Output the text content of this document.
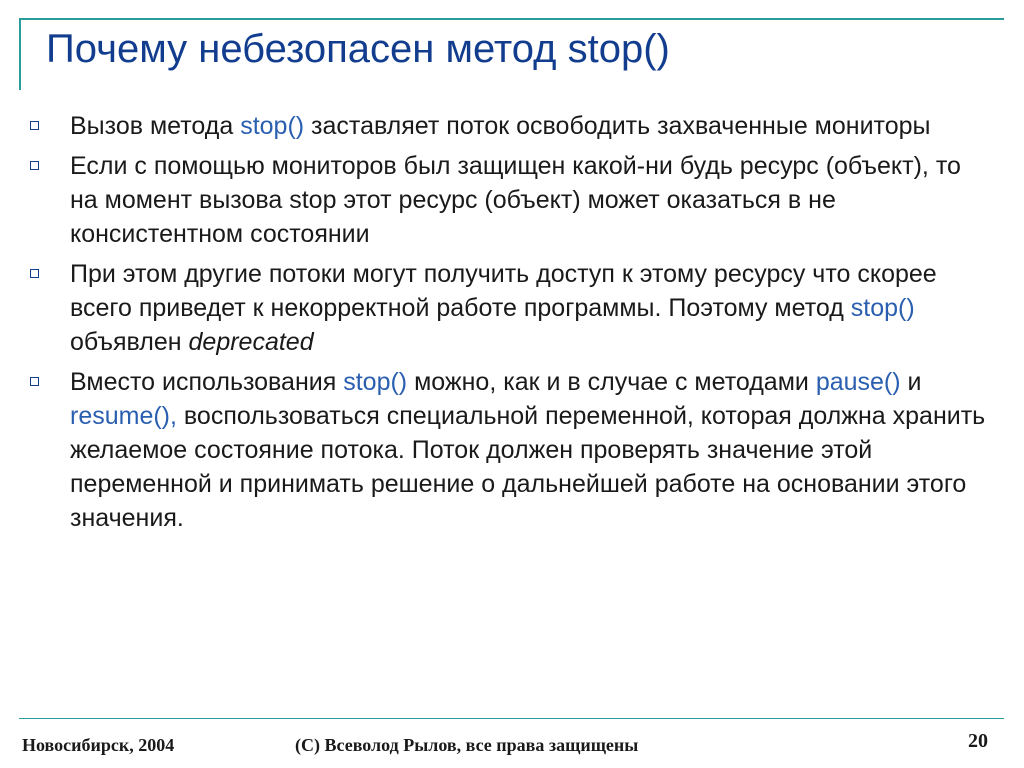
Почему небезопасен метод stop()
Вызов метода stop() заставляет поток освободить захваченные мониторы
Если с помощью мониторов был защищен какой-ни будь ресурс (объект), то на момент вызова stop этот ресурс (объект) может оказаться в не консистентном состоянии
При этом другие потоки могут получить доступ к этому ресурсу что скорее всего приведет к некорректной работе программы. Поэтому метод stop() объявлен deprecated
Вместо использования stop() можно, как и в случае с методами pause() и resume(), воспользоваться специальной переменной, которая должна хранить желаемое состояние потока. Поток должен проверять значение этой переменной и принимать решение о дальнейшей работе на основании этого значения.
Новосибирск, 2004	(С) Всеволод Рылов, все права защищены	20
